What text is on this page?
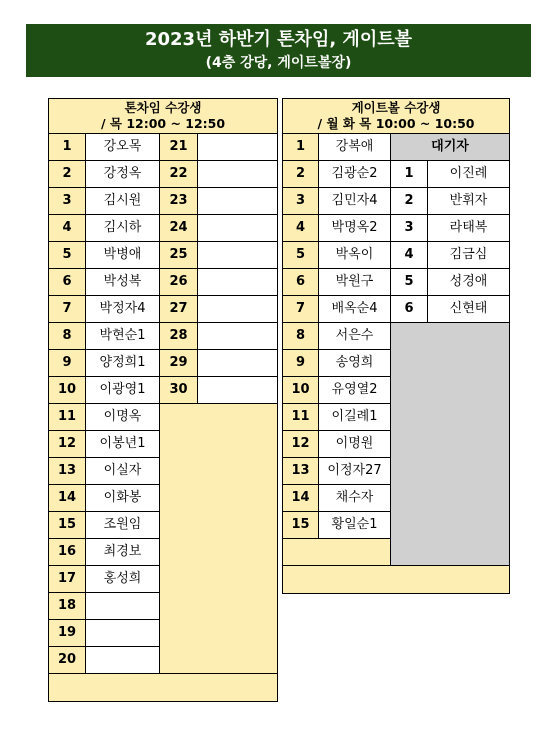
2023년 하반기 톤차임, 게이트볼
(4층 강당, 게이트볼장)
톤차임 수강생
/ 목 12:00 ~ 12:50			

1	강오목	21	
2	강정옥	22	
3	김시원	23	
4	김시하	24	
5	박병애	25	
6	박성복	26	
7	박정자4	27	
8	박현순1	28	
9	양정희1	29	
10	이광영1	30	
11	이명옥		
12	이봉년1		
13	이실자		
14	이화봉		
15	조원임		
16	최경보		
17	홍성희		
18			
19			
20			

게이트볼 수강생
/ 월 화 목 10:00 ~ 10:50			

1	강복애	대기자	
2	김광순2	1	이진례
3	김민자4	2	반휘자
4	박명옥2	3	라태복
5	박옥이	4	김금심
6	박원구	5	성경애
7	배옥순4	6	신현태
8	서은수		
9	송영희		
10	유영열2		
11	이길례1		
12	이명원		
13	이정자27		
14	채수자		
15	황일순1		
